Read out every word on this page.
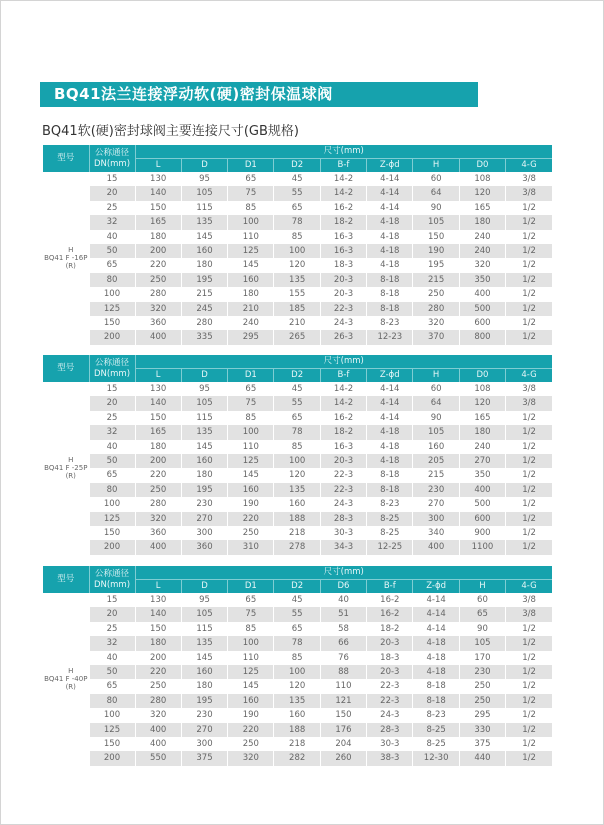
BQ41法兰连接浮动软(硬)密封保温球阀
BQ41软(硬)密封球阀主要连接尺寸(GB规格)
型号	公称通径
DN(mm)	尺寸(mm)								
		L	D	D1	D2	B-f	Z-ϕd	H	D0	4-G

H
BQ41 F -16P
(R)	15	130	95	65	45	14-2	4-14	60	108	3/8
	20	140	105	75	55	14-2	4-14	64	120	3/8
	25	150	115	85	65	16-2	4-14	90	165	1/2
	32	165	135	100	78	18-2	4-18	105	180	1/2
	40	180	145	110	85	16-3	4-18	150	240	1/2
	50	200	160	125	100	16-3	4-18	190	240	1/2
	65	220	180	145	120	18-3	4-18	195	320	1/2
	80	250	195	160	135	20-3	8-18	215	350	1/2
	100	280	215	180	155	20-3	8-18	250	400	1/2
	125	320	245	210	185	22-3	8-18	280	500	1/2
	150	360	280	240	210	24-3	8-23	320	600	1/2
	200	400	335	295	265	26-3	12-23	370	800	1/2
型号	公称通径
DN(mm)	尺寸(mm)								
		L	D	D1	D2	B-f	Z-ϕd	H	D0	4-G

H
BQ41 F -25P
(R)	15	130	95	65	45	14-2	4-14	60	108	3/8
	20	140	105	75	55	14-2	4-14	64	120	3/8
	25	150	115	85	65	16-2	4-14	90	165	1/2
	32	165	135	100	78	18-2	4-18	105	180	1/2
	40	180	145	110	85	16-3	4-18	160	240	1/2
	50	200	160	125	100	20-3	4-18	205	270	1/2
	65	220	180	145	120	22-3	8-18	215	350	1/2
	80	250	195	160	135	22-3	8-18	230	400	1/2
	100	280	230	190	160	24-3	8-23	270	500	1/2
	125	320	270	220	188	28-3	8-25	300	600	1/2
	150	360	300	250	218	30-3	8-25	340	900	1/2
	200	400	360	310	278	34-3	12-25	400	1100	1/2
型号	公称通径
DN(mm)	尺寸(mm)								
		L	D	D1	D2	D6	B-f	Z-ϕd	H	4-G

H
BQ41 F -40P
(R)	15	130	95	65	45	40	16-2	4-14	60	3/8
	20	140	105	75	55	51	16-2	4-14	65	3/8
	25	150	115	85	65	58	18-2	4-14	90	1/2
	32	180	135	100	78	66	20-3	4-18	105	1/2
	40	200	145	110	85	76	18-3	4-18	170	1/2
	50	220	160	125	100	88	20-3	4-18	230	1/2
	65	250	180	145	120	110	22-3	8-18	250	1/2
	80	280	195	160	135	121	22-3	8-18	250	1/2
	100	320	230	190	160	150	24-3	8-23	295	1/2
	125	400	270	220	188	176	28-3	8-25	330	1/2
	150	400	300	250	218	204	30-3	8-25	375	1/2
	200	550	375	320	282	260	38-3	12-30	440	1/2
